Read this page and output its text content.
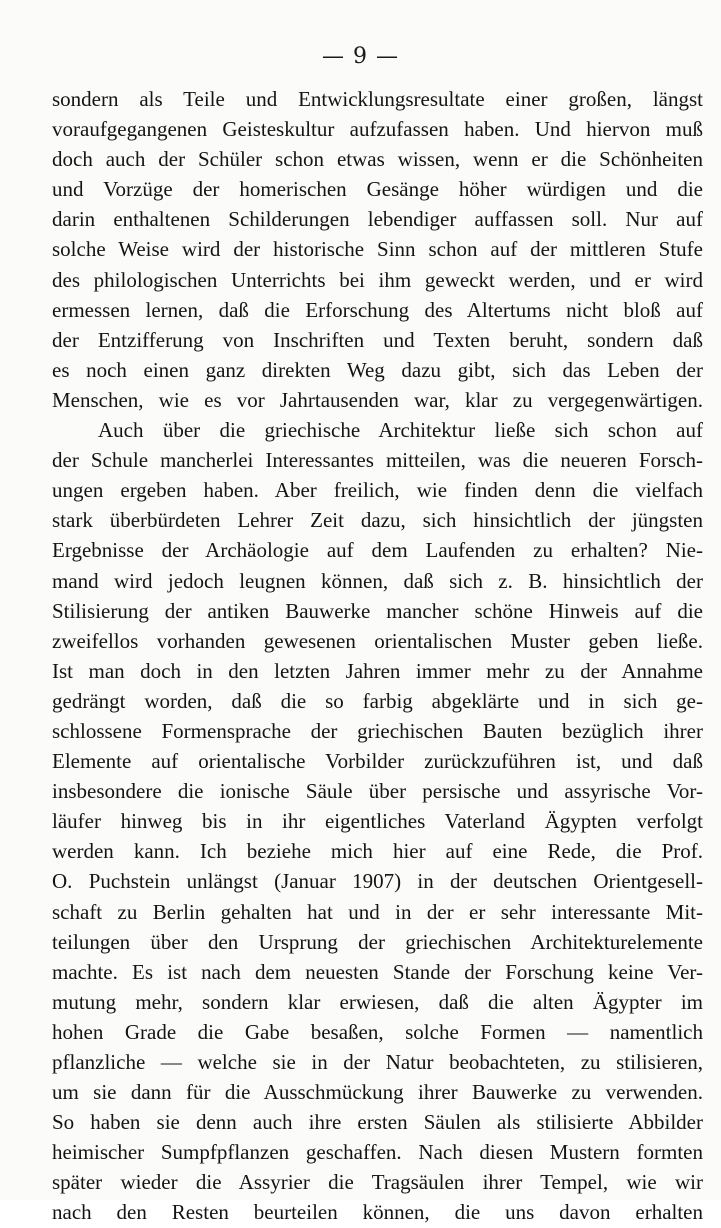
— 9 —
sondern als Teile und Entwicklungsresultate einer großen, längst
voraufgegangenen Geisteskultur aufzufassen haben. Und hiervon muß
doch auch der Schüler schon etwas wissen, wenn er die Schönheiten
und Vorzüge der homerischen Gesänge höher würdigen und die
darin enthaltenen Schilderungen lebendiger auffassen soll. Nur auf
solche Weise wird der historische Sinn schon auf der mittleren Stufe
des philologischen Unterrichts bei ihm geweckt werden, und er wird
ermessen lernen, daß die Erforschung des Altertums nicht bloß auf
der Entzifferung von Inschriften und Texten beruht, sondern daß
es noch einen ganz direkten Weg dazu gibt, sich das Leben der
Menschen, wie es vor Jahrtausenden war, klar zu vergegenwärtigen.
Auch über die griechische Architektur ließe sich schon auf
der Schule mancherlei Interessantes mitteilen, was die neueren Forsch-
ungen ergeben haben. Aber freilich, wie finden denn die vielfach
stark überbürdeten Lehrer Zeit dazu, sich hinsichtlich der jüngsten
Ergebnisse der Archäologie auf dem Laufenden zu erhalten? Nie-
mand wird jedoch leugnen können, daß sich z. B. hinsichtlich der
Stilisierung der antiken Bauwerke mancher schöne Hinweis auf die
zweifellos vorhanden gewesenen orientalischen Muster geben ließe.
Ist man doch in den letzten Jahren immer mehr zu der Annahme
gedrängt worden, daß die so farbig abgeklärte und in sich ge-
schlossene Formensprache der griechischen Bauten bezüglich ihrer
Elemente auf orientalische Vorbilder zurückzuführen ist, und daß
insbesondere die ionische Säule über persische und assyrische Vor-
läufer hinweg bis in ihr eigentliches Vaterland Ägypten verfolgt
werden kann. Ich beziehe mich hier auf eine Rede, die Prof.
O. Puchstein unlängst (Januar 1907) in der deutschen Orientgesell-
schaft zu Berlin gehalten hat und in der er sehr interessante Mit-
teilungen über den Ursprung der griechischen Architekturelemente
machte. Es ist nach dem neuesten Stande der Forschung keine Ver-
mutung mehr, sondern klar erwiesen, daß die alten Ägypter im
hohen Grade die Gabe besaßen, solche Formen — namentlich
pflanzliche — welche sie in der Natur beobachteten, zu stilisieren,
um sie dann für die Ausschmückung ihrer Bauwerke zu verwenden.
So haben sie denn auch ihre ersten Säulen als stilisierte Abbilder
heimischer Sumpfpflanzen geschaffen. Nach diesen Mustern formten
später wieder die Assyrier die Tragsäulen ihrer Tempel, wie wir
nach den Resten beurteilen können, die uns davon erhalten
